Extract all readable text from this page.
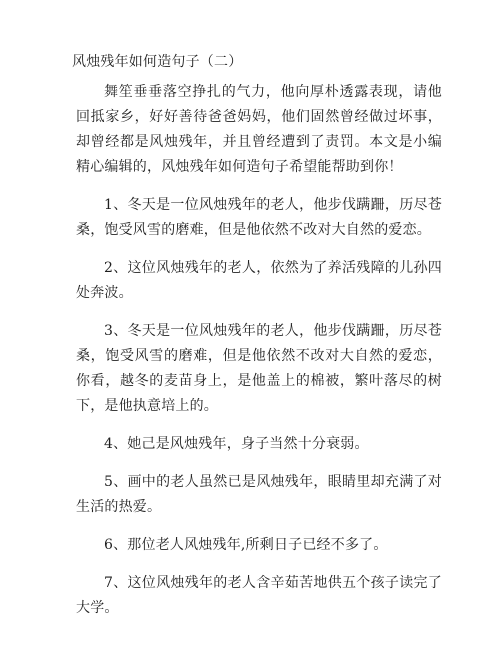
风烛残年如何造句子（二）

舞笙垂垂落空挣扎的气力，他向厚朴透露表现，请他回抵家乡，好好善待爸爸妈妈，他们固然曾经做过坏事，却曾经都是风烛残年，并且曾经遭到了责罚。本文是小编精心编辑的，风烛残年如何造句子希望能帮助到你！

1、冬天是一位风烛残年的老人，他步伐蹒跚，历尽苍桑，饱受风雪的磨难，但是他依然不改对大自然的爱恋。

2、这位风烛残年的老人，依然为了养活残障的儿孙四处奔波。

3、冬天是一位风烛残年的老人，他步伐蹒跚，历尽苍桑，饱受风雪的磨难，但是他依然不改对大自然的爱恋，你看，越冬的麦苗身上，是他盖上的棉被，繁叶落尽的树下，是他执意培上的。

4、她己是风烛残年，身子当然十分衰弱。

5、画中的老人虽然已是风烛残年，眼睛里却充满了对生活的热爱。

6、那位老人风烛残年,所剩日子已经不多了。

7、这位风烛残年的老人含辛茹苦地供五个孩子读完了大学。
